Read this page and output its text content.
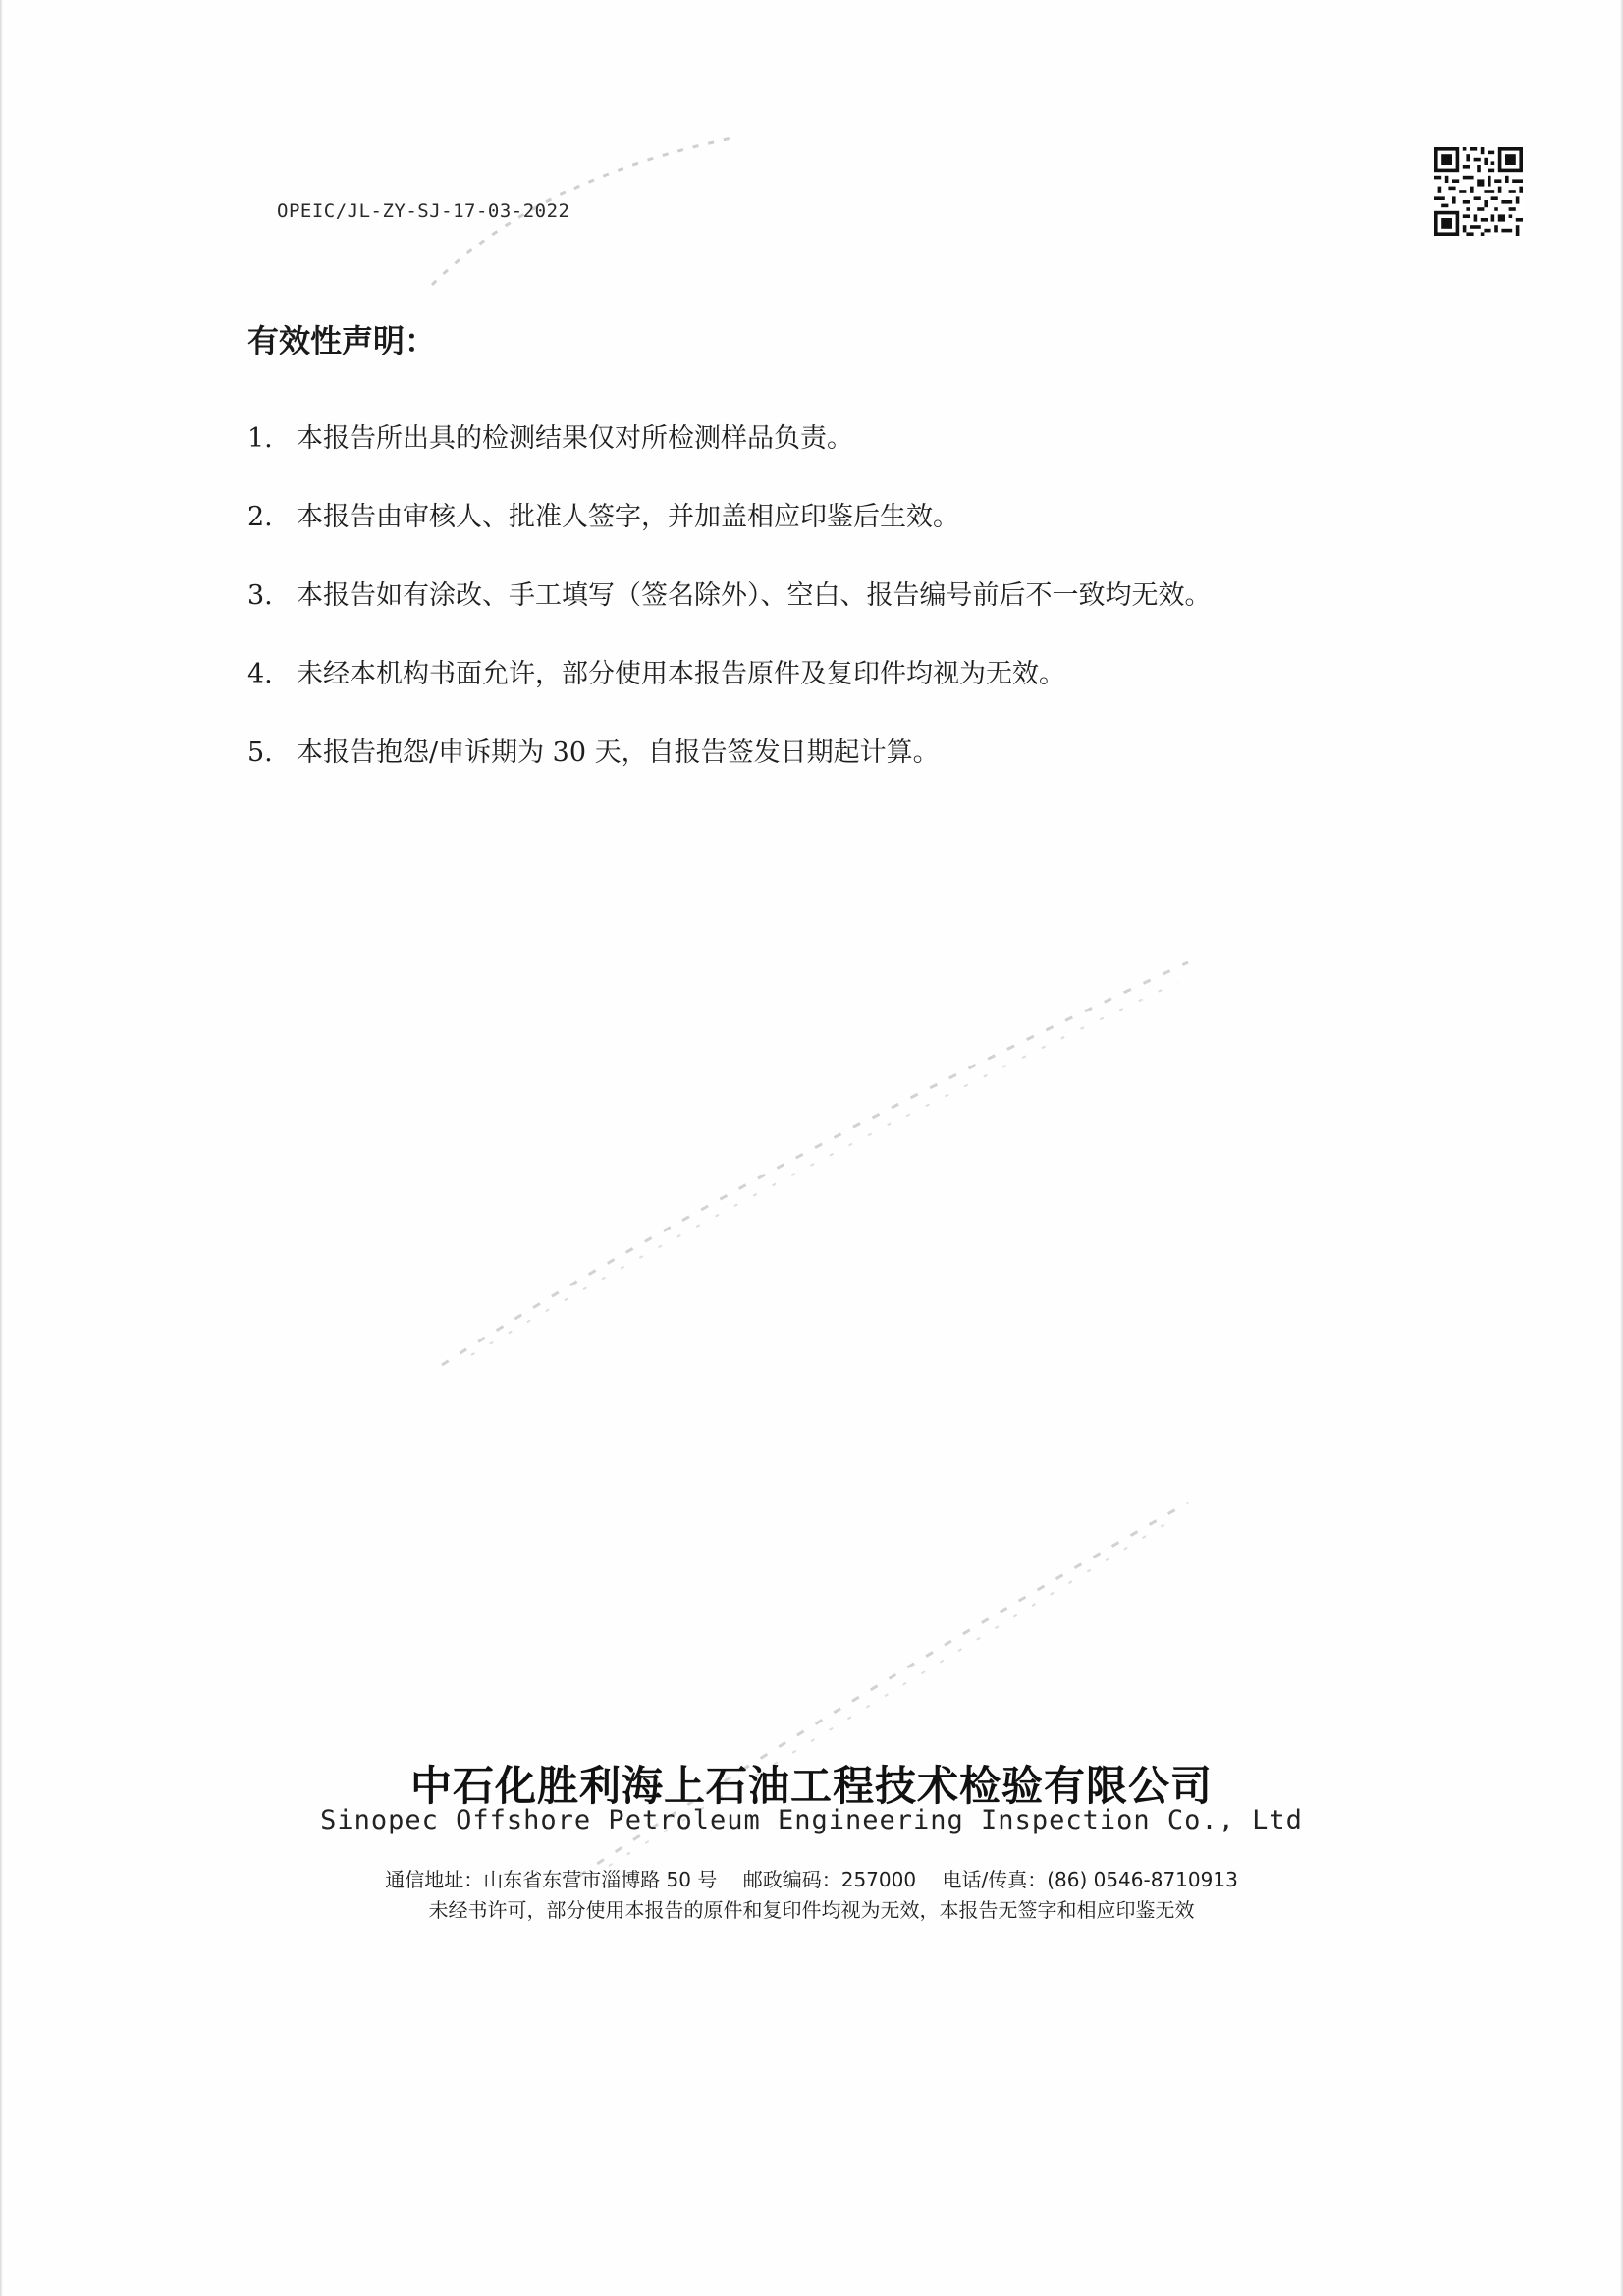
OPEIC/JL-ZY-SJ-17-03-2022
有效性声明：
1. 本报告所出具的检测结果仅对所检测样品负责。
2. 本报告由审核人、批准人签字，并加盖相应印鉴后生效。
3. 本报告如有涂改、手工填写（签名除外）、空白、报告编号前后不一致均无效。
4. 未经本机构书面允许，部分使用本报告原件及复印件均视为无效。
5. 本报告抱怨/申诉期为 30 天，自报告签发日期起计算。
中石化胜利海上石油工程技术检验有限公司
Sinopec Offshore Petroleum Engineering Inspection Co., Ltd
通信地址：山东省东营市淄博路 50 号 邮政编码：257000 电话/传真：(86) 0546-8710913
未经书许可，部分使用本报告的原件和复印件均视为无效，本报告无签字和相应印鉴无效
